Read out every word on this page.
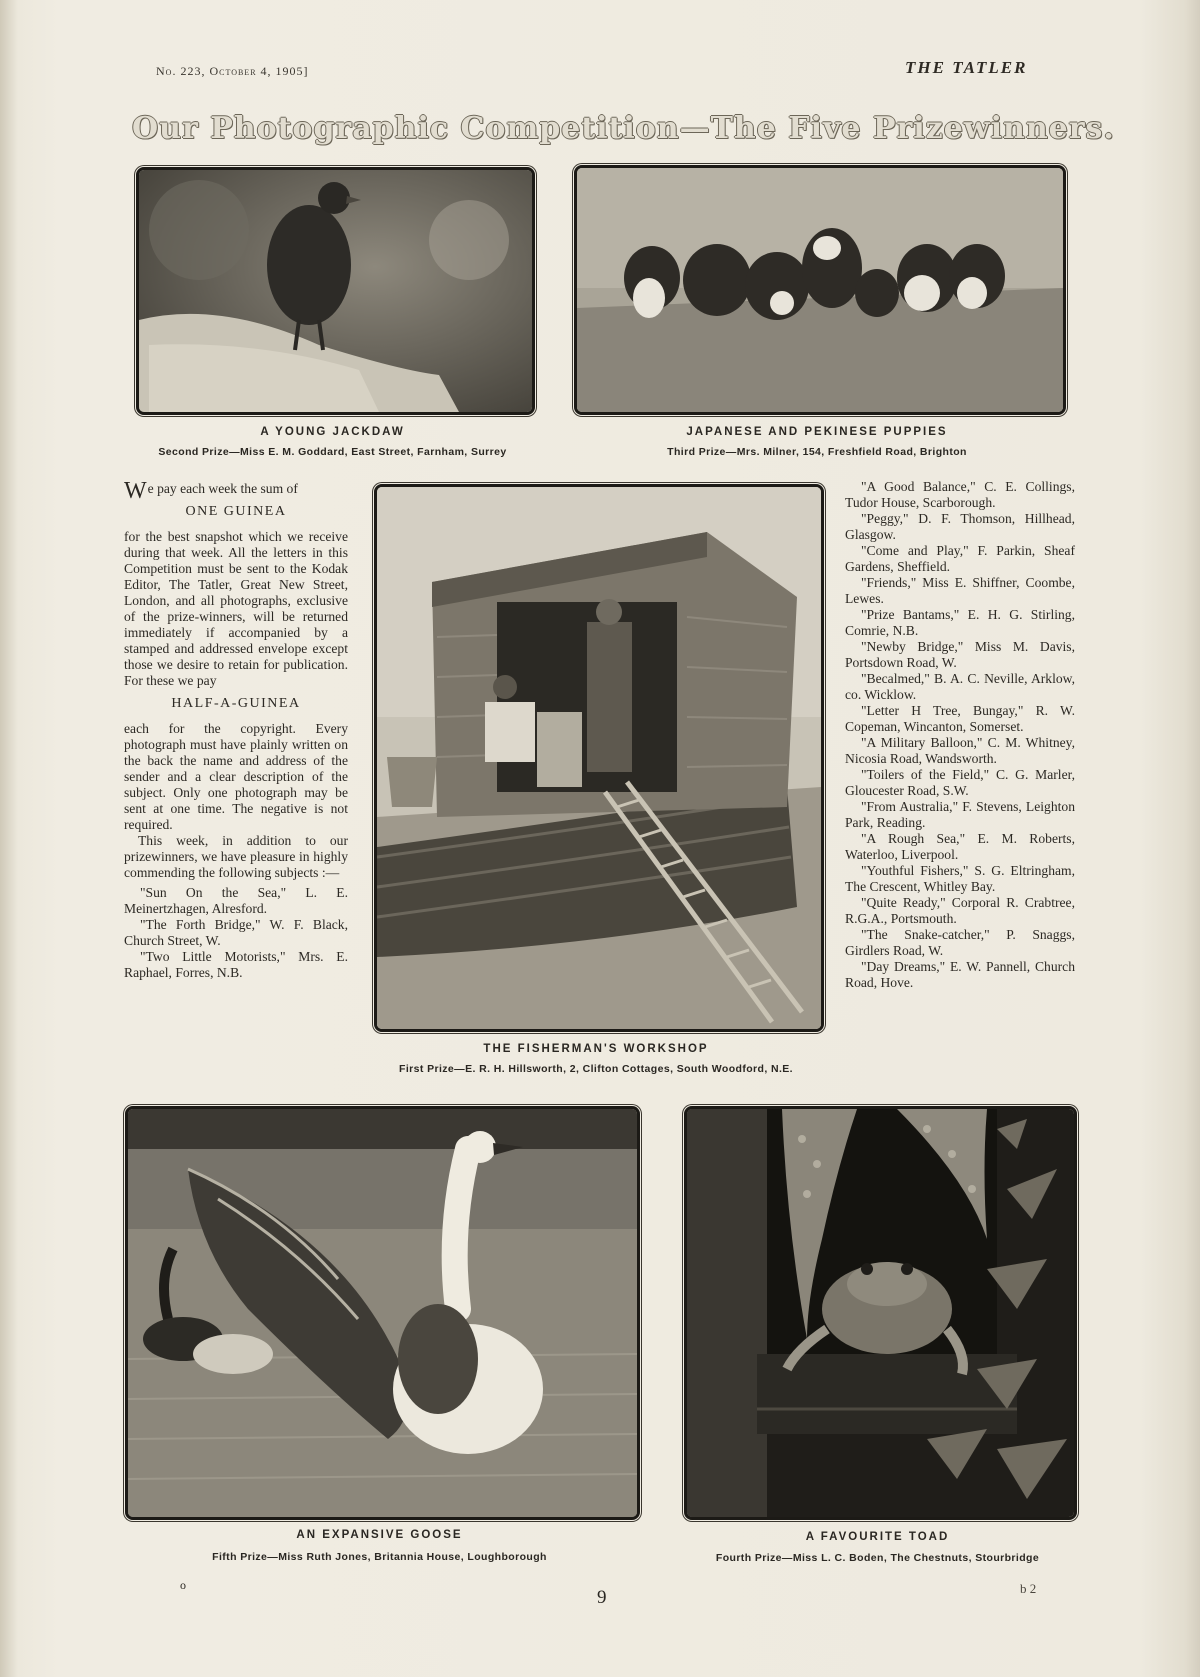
No. 223, October 4, 1905]	THE TATLER
Our Photographic Competition—The Five Prizewinners.
A YOUNG JACKDAW
Second Prize—Miss E. M. Goddard, East Street, Farnham, Surrey
JAPANESE AND PEKINESE PUPPIES
Third Prize—Mrs. Milner, 154, Freshfield Road, Brighton

We pay each week the sum of

ONE GUINEA

for the best snapshot which we receive during that week. All the letters in this Competition must be sent to the Kodak Editor, The Tatler, Great New Street, London, and all photographs, exclusive of the prize-winners, will be returned immediately if accompanied by a stamped and addressed envelope except those we desire to retain for publication. For these we pay

HALF-A-GUINEA

each for the copyright. Every photograph must have plainly written on the back the name and address of the sender and a clear description of the subject. Only one photograph may be sent at one time. The negative is not required.

This week, in addition to our prizewinners, we have pleasure in highly commending the following subjects :—

"Sun On the Sea," L. E. Meinertzhagen, Alresford.

"The Forth Bridge," W. F. Black, Church Street, W.

"Two Little Motorists," Mrs. E. Raphael, Forres, N.B.

THE FISHERMAN'S WORKSHOP
First Prize—E. R. H. Hillsworth, 2, Clifton Cottages, South Woodford, N.E.

"A Good Balance," C. E. Collings, Tudor House, Scarborough.

"Peggy," D. F. Thomson, Hillhead, Glasgow.

"Come and Play," F. Parkin, Sheaf Gardens, Sheffield.

"Friends," Miss E. Shiffner, Coombe, Lewes.

"Prize Bantams," E. H. G. Stirling, Comrie, N.B.

"Newby Bridge," Miss M. Davis, Portsdown Road, W.

"Becalmed," B. A. C. Neville, Arklow, co. Wicklow.

"Letter H Tree, Bungay," R. W. Copeman, Wincanton, Somerset.

"A Military Balloon," C. M. Whitney, Nicosia Road, Wandsworth.

"Toilers of the Field," C. G. Marler, Gloucester Road, S.W.

"From Australia," F. Stevens, Leighton Park, Reading.

"A Rough Sea," E. M. Roberts, Waterloo, Liverpool.

"Youthful Fishers," S. G. Eltringham, The Crescent, Whitley Bay.

"Quite Ready," Corporal R. Crabtree, R.G.A., Portsmouth.

"The Snake-catcher," P. Snaggs, Girdlers Road, W.

"Day Dreams," E. W. Pannell, Church Road, Hove.

AN EXPANSIVE GOOSE
Fifth Prize—Miss Ruth Jones, Britannia House, Loughborough
A FAVOURITE TOAD
Fourth Prize—Miss L. C. Boden, The Chestnuts, Stourbridge
o
9	b 2
